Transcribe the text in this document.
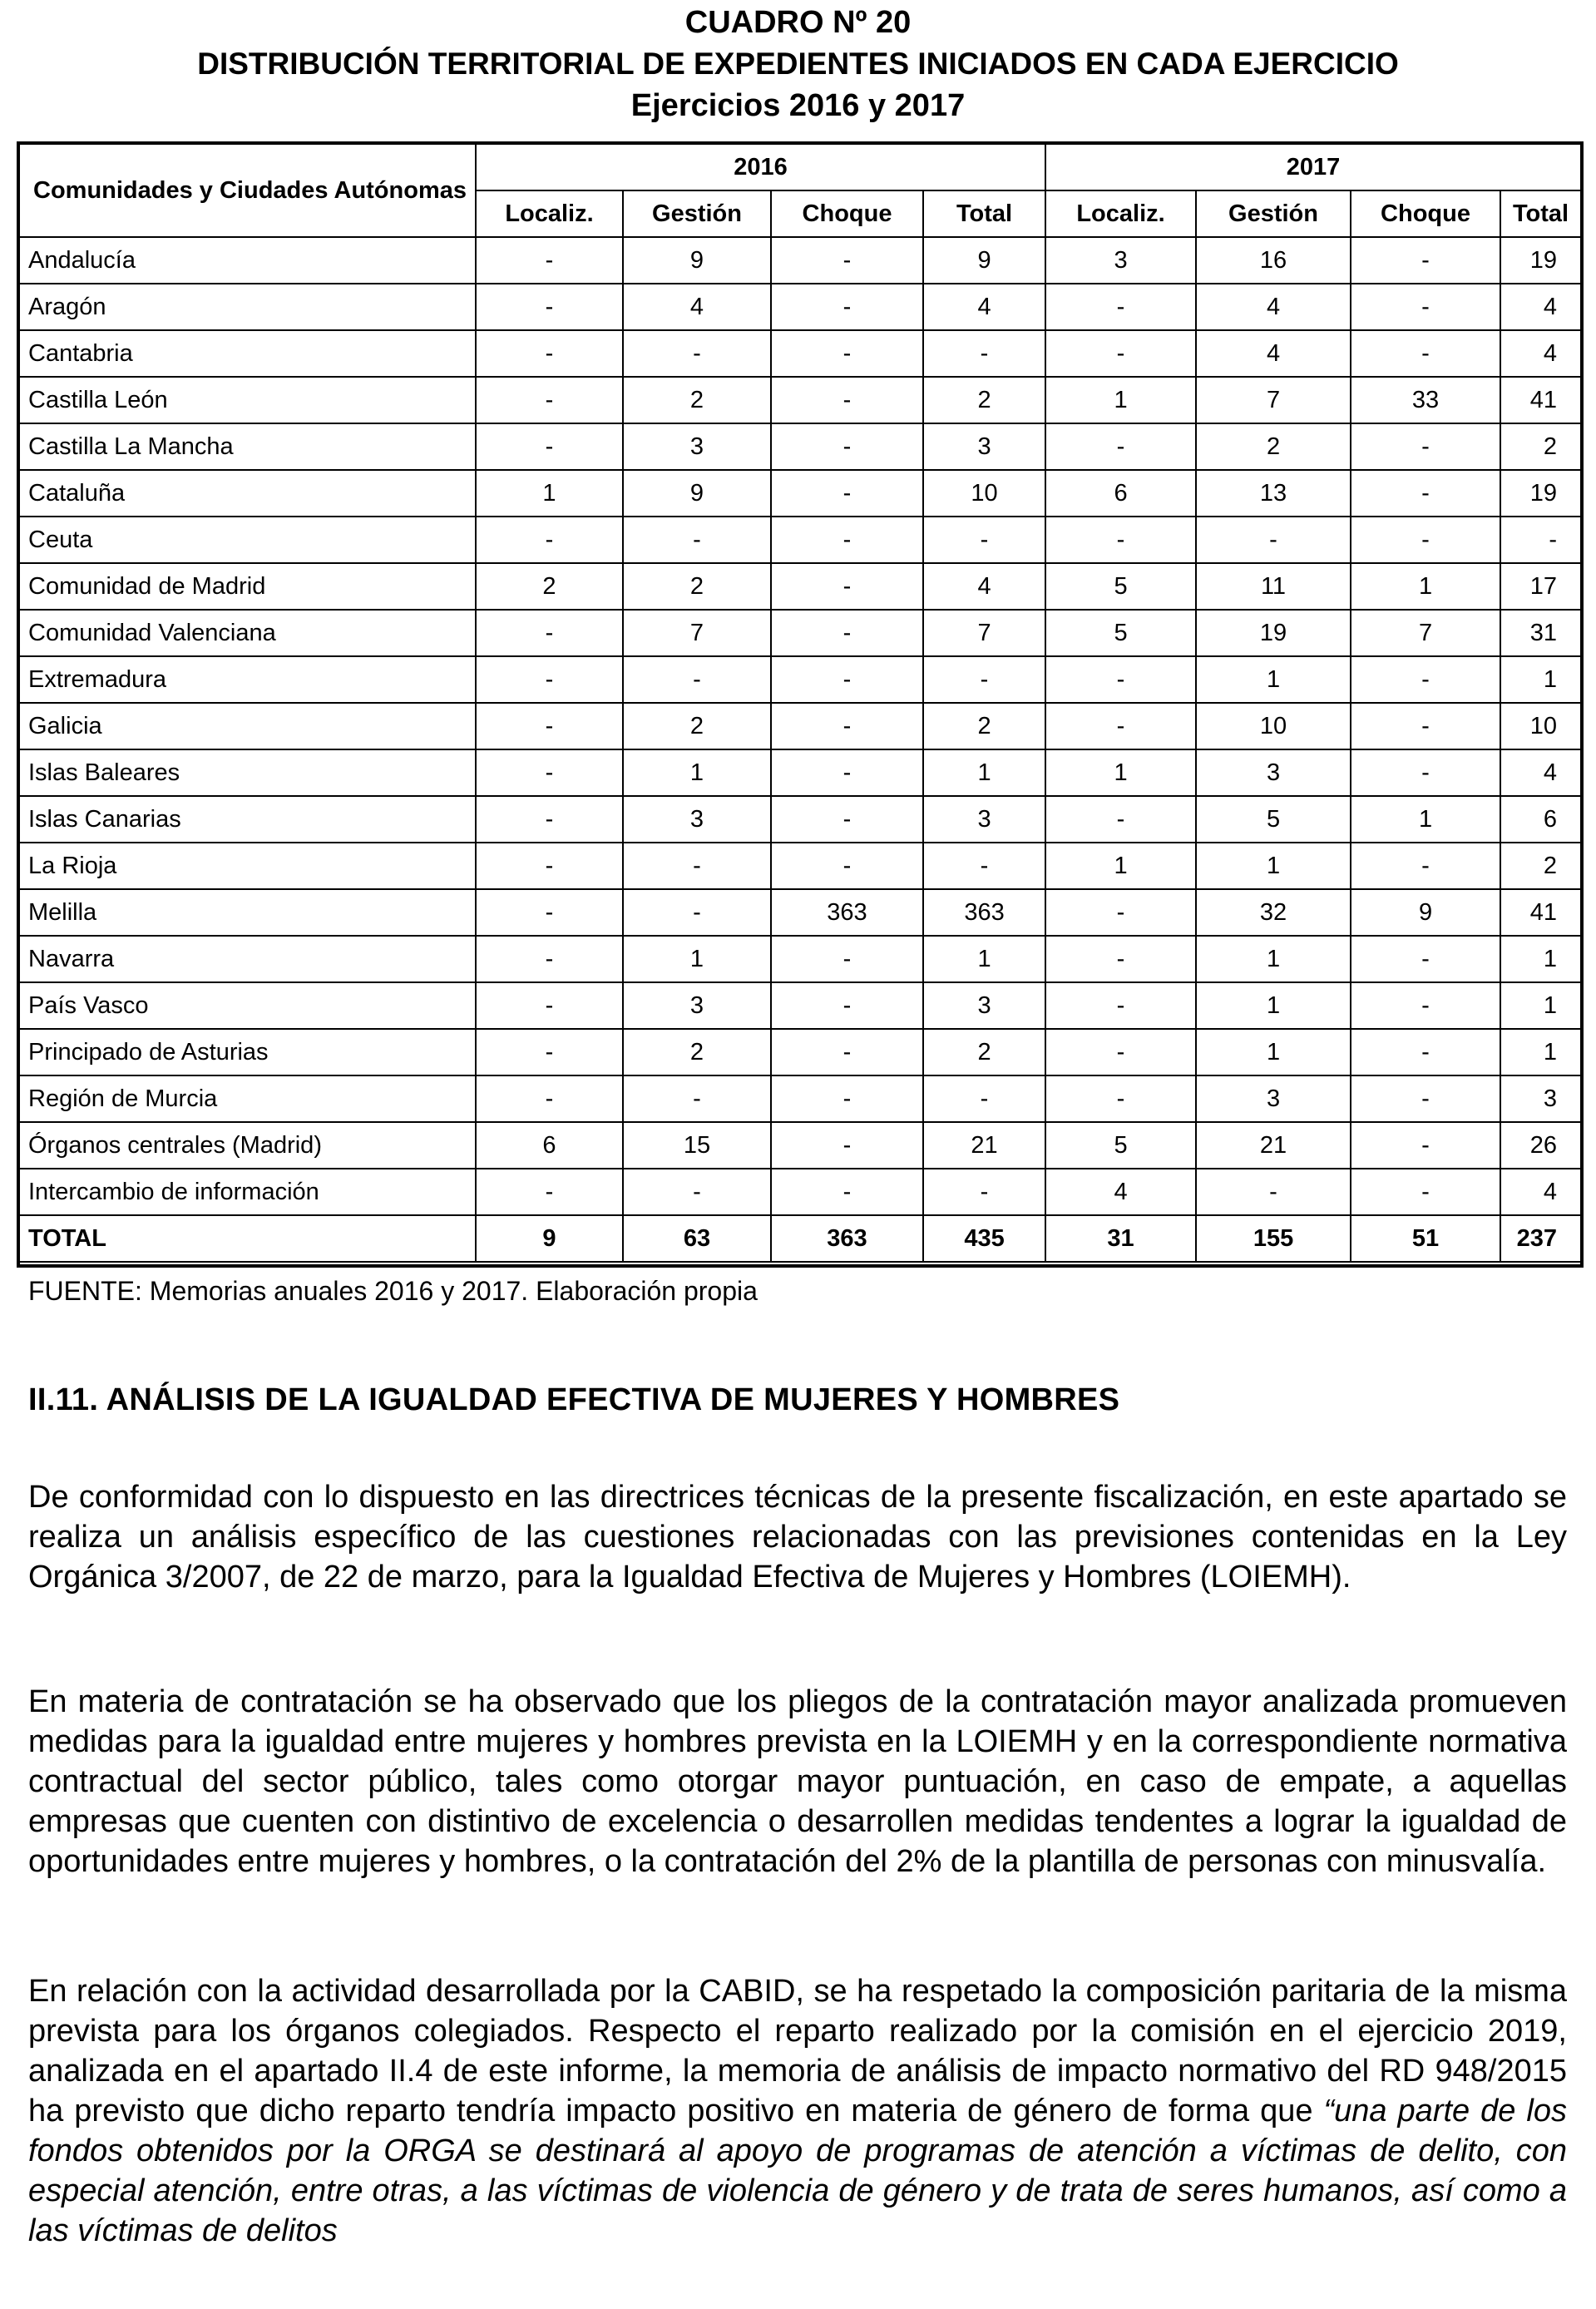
CUADRO Nº 20
DISTRIBUCIÓN TERRITORIAL DE EXPEDIENTES INICIADOS EN CADA EJERCICIO
Ejercicios 2016 y 2017
Comunidades y Ciudades Autónomas	2016				2017			
	Localiz.	Gestión	Choque	Total	Localiz.	Gestión	Choque	Total
Andalucía	-	9	-	9	3	16	-	19
Aragón	-	4	-	4	-	4	-	4
Cantabria	-	-	-	-	-	4	-	4
Castilla León	-	2	-	2	1	7	33	41
Castilla La Mancha	-	3	-	3	-	2	-	2
Cataluña	1	9	-	10	6	13	-	19
Ceuta	-	-	-	-	-	-	-	-
Comunidad de Madrid	2	2	-	4	5	11	1	17
Comunidad Valenciana	-	7	-	7	5	19	7	31
Extremadura	-	-	-	-	-	1	-	1
Galicia	-	2	-	2	-	10	-	10
Islas Baleares	-	1	-	1	1	3	-	4
Islas Canarias	-	3	-	3	-	5	1	6
La Rioja	-	-	-	-	1	1	-	2
Melilla	-	-	363	363	-	32	9	41
Navarra	-	1	-	1	-	1	-	1
País Vasco	-	3	-	3	-	1	-	1
Principado de Asturias	-	2	-	2	-	1	-	1
Región de Murcia	-	-	-	-	-	3	-	3
Órganos centrales (Madrid)	6	15	-	21	5	21	-	26
Intercambio de información	-	-	-	-	4	-	-	4
TOTAL	9	63	363	435	31	155	51	237
FUENTE: Memorias anuales 2016 y 2017. Elaboración propia
II.11. ANÁLISIS DE LA IGUALDAD EFECTIVA DE MUJERES Y HOMBRES
De conformidad con lo dispuesto en las directrices técnicas de la presente fiscalización, en este apartado se realiza un análisis específico de las cuestiones relacionadas con las previsiones contenidas en la Ley Orgánica 3/2007, de 22 de marzo, para la Igualdad Efectiva de Mujeres y Hombres (LOIEMH).
En materia de contratación se ha observado que los pliegos de la contratación mayor analizada promueven medidas para la igualdad entre mujeres y hombres prevista en la LOIEMH y en la correspondiente normativa contractual del sector público, tales como otorgar mayor puntuación, en caso de empate, a aquellas empresas que cuenten con distintivo de excelencia o desarrollen medidas tendentes a lograr la igualdad de oportunidades entre mujeres y hombres, o la contratación del 2% de la plantilla de personas con minusvalía.
En relación con la actividad desarrollada por la CABID, se ha respetado la composición paritaria de la misma prevista para los órganos colegiados. Respecto el reparto realizado por la comisión en el ejercicio 2019, analizada en el apartado II.4 de este informe, la memoria de análisis de impacto normativo del RD 948/2015 ha previsto que dicho reparto tendría impacto positivo en materia de género de forma que “una parte de los fondos obtenidos por la ORGA se destinará al apoyo de programas de atención a víctimas de delito, con especial atención, entre otras, a las víctimas de violencia de género y de trata de seres humanos, así como a las víctimas de delitos
